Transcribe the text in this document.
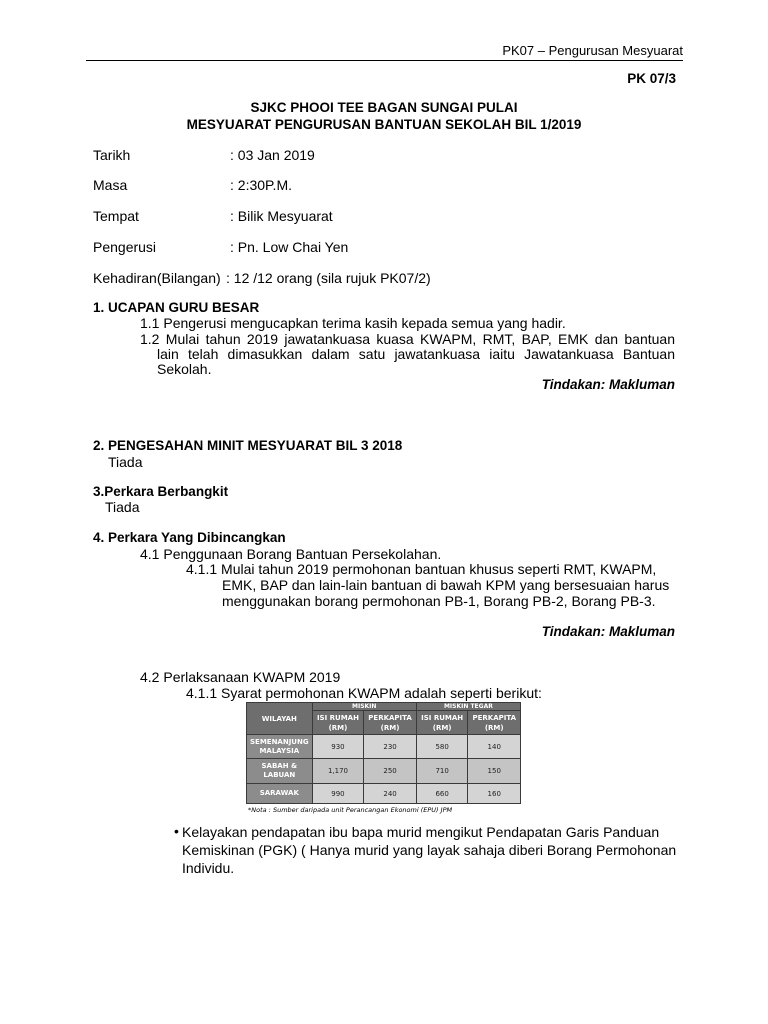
PK07 – Pengurusan Mesyuarat
PK 07/3
SJKC PHOOI TEE BAGAN SUNGAI PULAI
MESYUARAT PENGURUSAN BANTUAN SEKOLAH BIL 1/2019
Tarikh	: 03 Jan 2019
Masa	: 2:30P.M.
Tempat	: Bilik Mesyuarat
Pengerusi	: Pn. Low Chai Yen
Kehadiran(Bilangan) : 12 /12 orang (sila rujuk PK07/2)
1. UCAPAN GURU BESAR
1.1 Pengerusi mengucapkan terima kasih kepada semua yang hadir.
1.2 Mulai tahun 2019 jawatankuasa kuasa KWAPM, RMT, BAP, EMK dan bantuan
lain telah dimasukkan dalam satu jawatankuasa iaitu Jawatankuasa Bantuan
Sekolah.
Tindakan: Makluman
2. PENGESAHAN MINIT MESYUARAT BIL 3 2018
Tiada
3.Perkara Berbangkit
Tiada
4. Perkara Yang Dibincangkan
4.1 Penggunaan Borang Bantuan Persekolahan.
4.1.1 Mulai tahun 2019 permohonan bantuan khusus seperti RMT, KWAPM,
EMK, BAP dan lain-lain bantuan di bawah KPM yang bersesuaian harus
menggunakan borang permohonan PB-1, Borang PB-2, Borang PB-3.
Tindakan: Makluman
4.2 Perlaksanaan KWAPM 2019
4.1.1 Syarat permohonan KWAPM adalah seperti berikut:
WILAYAH	MISKIN		MISKIN TEGAR	
	ISI RUMAH (RM)	PERKAPITA (RM)	ISI RUMAH (RM)	PERKAPITA (RM)
SEMENANJUNG MALAYSIA	930	230	580	140
SABAH & LABUAN	1,170	250	710	150
SARAWAK	990	240	660	160
*Nota : Sumber daripada unit Perancangan Ekonomi (EPU) JPM
• Kelayakan pendapatan ibu bapa murid mengikut Pendapatan Garis Panduan Kemiskinan (PGK) ( Hanya murid yang layak sahaja diberi Borang Permohonan Individu.
